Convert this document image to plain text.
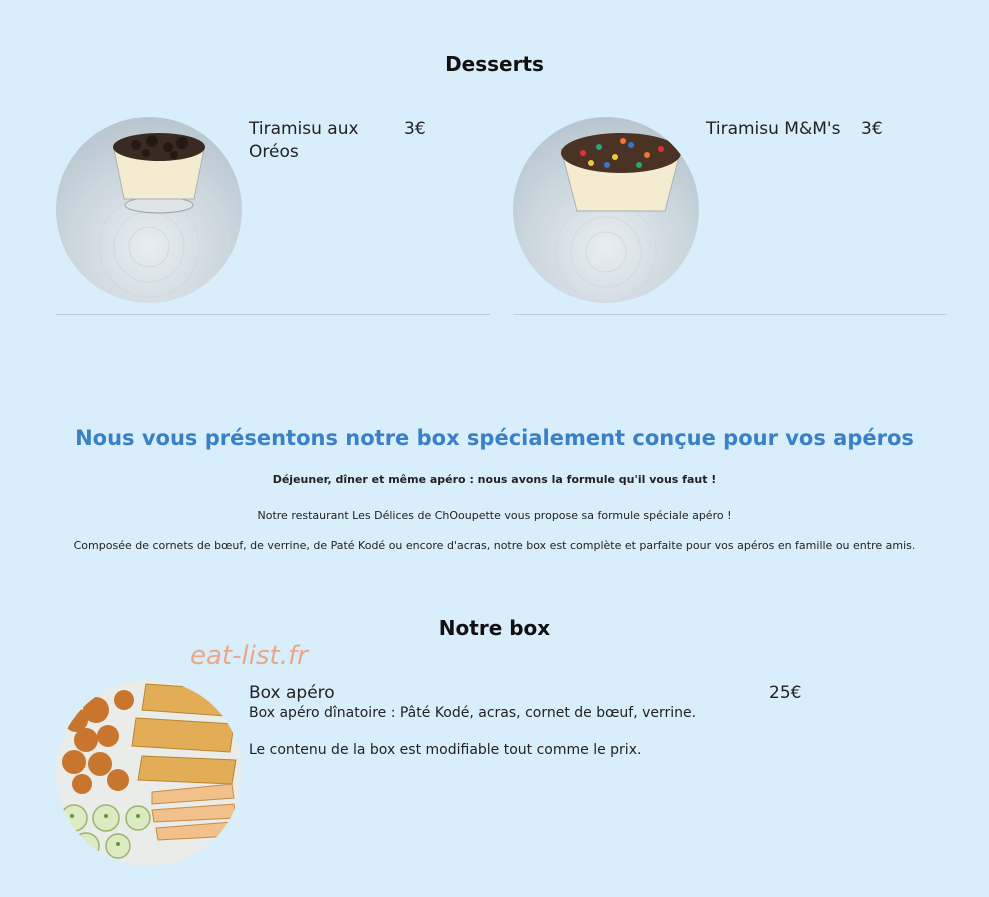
Desserts
Tiramisu aux Oréos
3€	Tiramisu M&M's 3€
Nous vous présentons notre box spécialement conçue pour vos apéros
Déjeuner, dîner et même apéro : nous avons la formule qu'il vous faut !
Notre restaurant Les Délices de ChOoupette vous propose sa formule spéciale apéro !
Composée de cornets de bœuf, de verrine, de Paté Kodé ou encore d'acras, notre box est complète et parfaite pour vos apéros en famille ou entre amis.
Notre box
eat-list.fr
Box apéro	25€
Box apéro dînatoire : Pâté Kodé, acras, cornet de bœuf, verrine.
Le contenu de la box est modifiable tout comme le prix.
